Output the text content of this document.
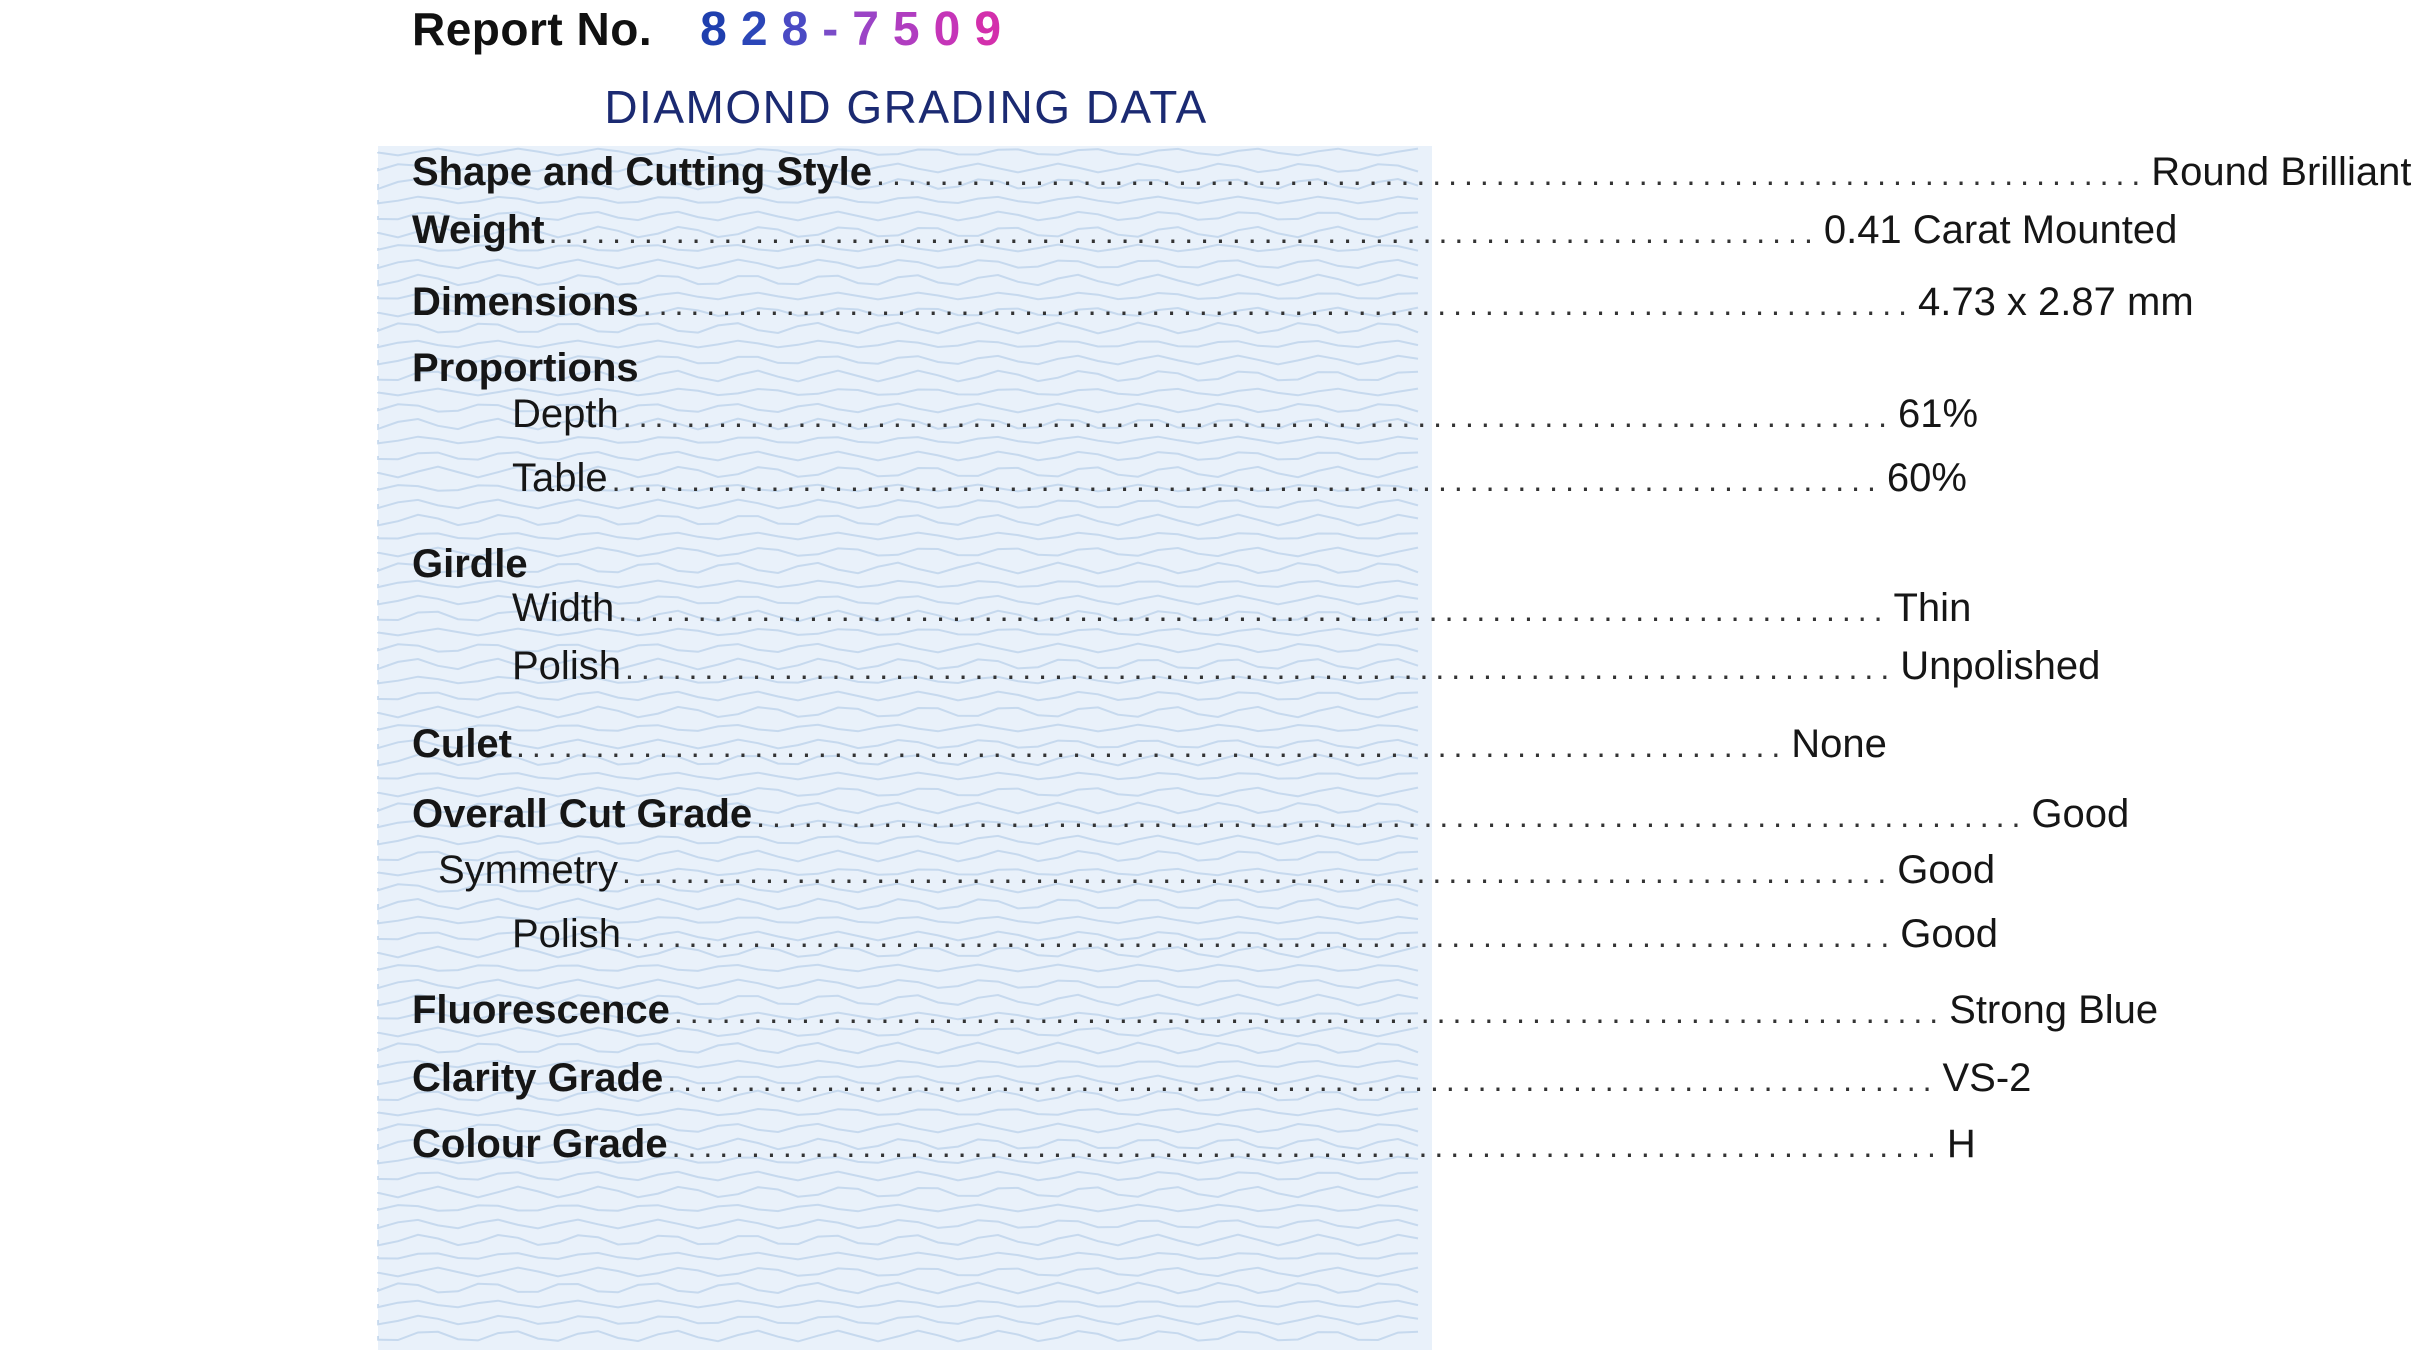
Report No. 828-7509
DIAMOND GRADING DATA
Shape and Cutting Style ................................................................................ Round Brilliant
Weight ................................................................................ 0.41 Carat Mounted
Dimensions ................................................................................ 4.73 x 2.87 mm
Proportions
Depth ................................................................................ 61%
Table ................................................................................ 60%
Girdle
Width ................................................................................ Thin
Polish ................................................................................ Unpolished
Culet ................................................................................ None
Overall Cut Grade ................................................................................ Good
Symmetry ................................................................................ Good
Polish ................................................................................ Good
Fluorescence ................................................................................ Strong Blue
Clarity Grade ................................................................................ VS-2
Colour Grade ................................................................................ H
